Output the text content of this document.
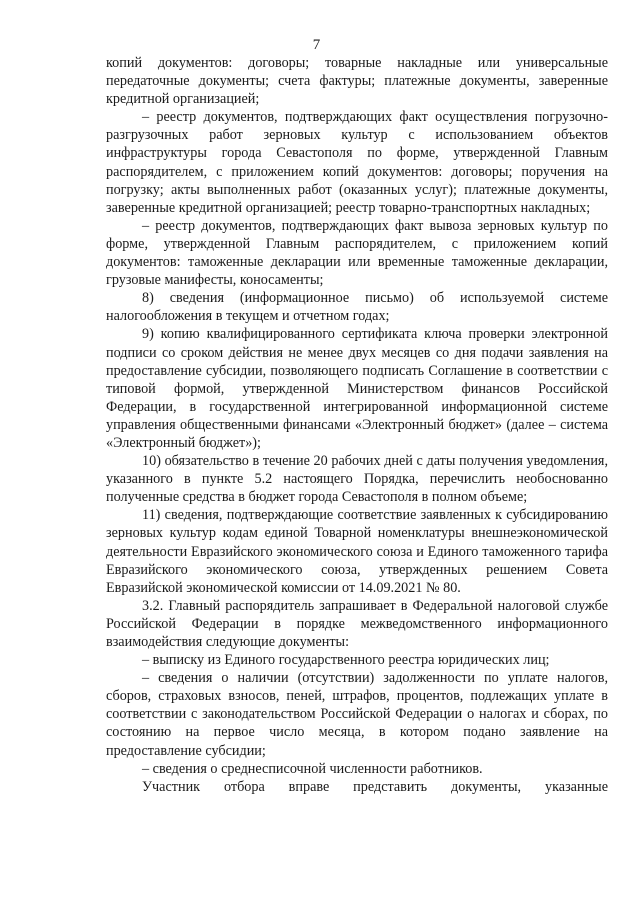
7

копий документов: договоры; товарные накладные или универсальные передаточные документы; счета фактуры; платежные документы, заверенные кредитной организацией;

– реестр документов, подтверждающих факт осуществления погрузочно-разгрузочных работ зерновых культур с использованием объектов инфраструктуры города Севастополя по форме, утвержденной Главным распорядителем, с приложением копий документов: договоры; поручения на погрузку; акты выполненных работ (оказанных услуг); платежные документы, заверенные кредитной организацией; реестр товарно-транспортных накладных;

– реестр документов, подтверждающих факт вывоза зерновых культур по форме, утвержденной Главным распорядителем, с приложением копий документов: таможенные декларации или временные таможенные декларации, грузовые манифесты, коносаменты;

8) сведения (информационное письмо) об используемой системе налогообложения в текущем и отчетном годах;

9) копию квалифицированного сертификата ключа проверки электронной подписи со сроком действия не менее двух месяцев со дня подачи заявления на предоставление субсидии, позволяющего подписать Соглашение в соответствии с типовой формой, утвержденной Министерством финансов Российской Федерации, в государственной интегрированной информационной системе управления общественными финансами «Электронный бюджет» (далее – система «Электронный бюджет»);

10) обязательство в течение 20 рабочих дней с даты получения уведомления, указанного в пункте 5.2 настоящего Порядка, перечислить необоснованно полученные средства в бюджет города Севастополя в полном объеме;

11) сведения, подтверждающие соответствие заявленных к субсидированию зерновых культур кодам единой Товарной номенклатуры внешнеэкономической деятельности Евразийского экономического союза и Единого таможенного тарифа Евразийского экономического союза, утвержденных решением Совета Евразийской экономической комиссии от 14.09.2021 № 80.

3.2. Главный распорядитель запрашивает в Федеральной налоговой службе Российской Федерации в порядке межведомственного информационного взаимодействия следующие документы:

– выписку из Единого государственного реестра юридических лиц;

– сведения о наличии (отсутствии) задолженности по уплате налогов, сборов, страховых взносов, пеней, штрафов, процентов, подлежащих уплате в соответствии с законодательством Российской Федерации о налогах и сборах, по состоянию на первое число месяца, в котором подано заявление на предоставление субсидии;

– сведения о среднесписочной численности работников.

Участник отбора вправе представить документы, указанные
